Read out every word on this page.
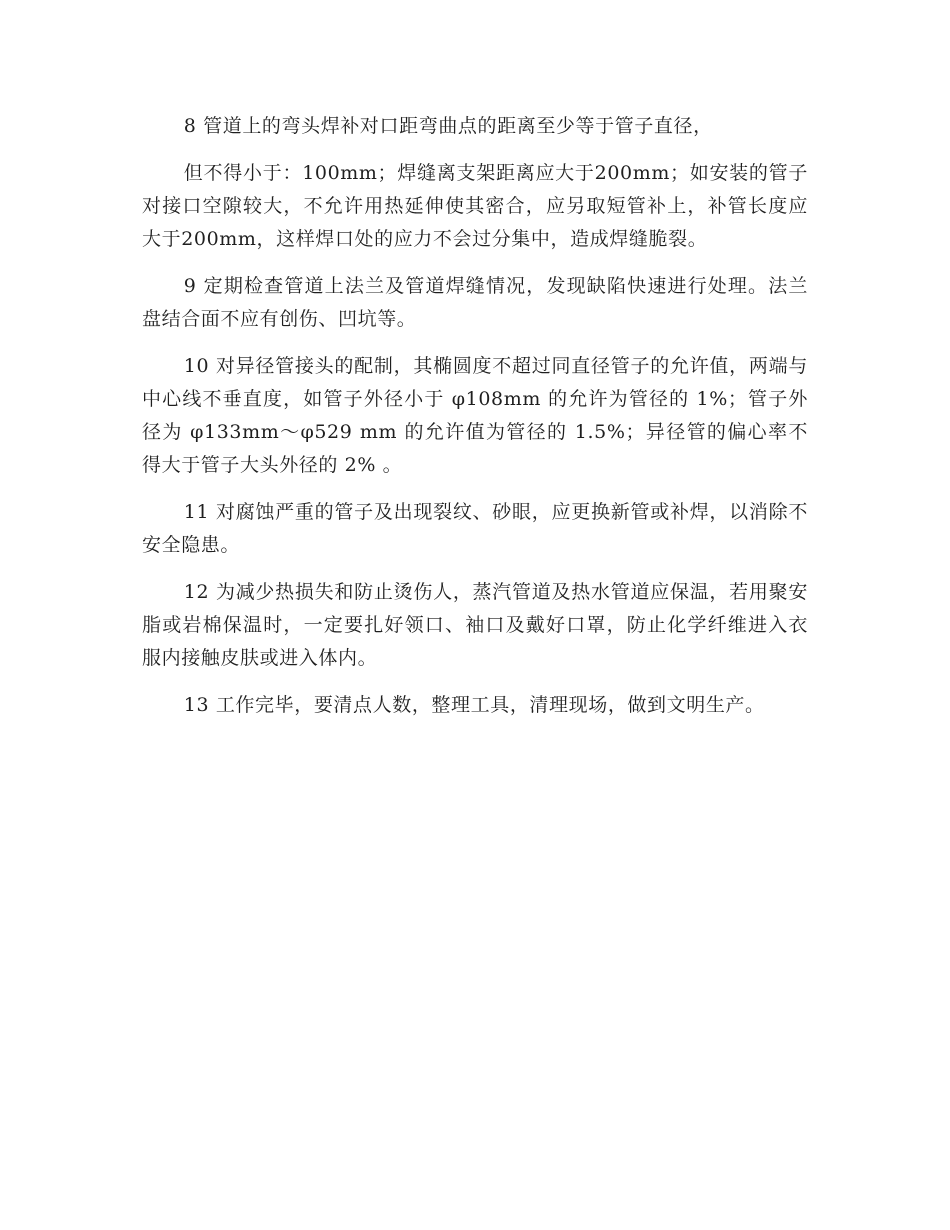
8 管道上的弯头焊补对口距弯曲点的距离至少等于管子直径，

但不得小于：100mm；焊缝离支架距离应大于200mm；如安装的管子对接口空隙较大，不允许用热延伸使其密合，应另取短管补上，补管长度应大于200mm，这样焊口处的应力不会过分集中，造成焊缝脆裂。

9 定期检查管道上法兰及管道焊缝情况，发现缺陷快速进行处理。法兰盘结合面不应有创伤、凹坑等。

10 对异径管接头的配制，其椭圆度不超过同直径管子的允许值，两端与中心线不垂直度，如管子外径小于 φ108mm 的允许为管径的 1%；管子外径为 φ133mm～φ529 mm 的允许值为管径的 1.5%；异径管的偏心率不得大于管子大头外径的 2% 。

11 对腐蚀严重的管子及出现裂纹、砂眼，应更换新管或补焊，以消除不安全隐患。

12 为减少热损失和防止烫伤人，蒸汽管道及热水管道应保温，若用聚安脂或岩棉保温时，一定要扎好领口、袖口及戴好口罩，防止化学纤维进入衣服内接触皮肤或进入体内。

13 工作完毕，要清点人数，整理工具，清理现场，做到文明生产。
